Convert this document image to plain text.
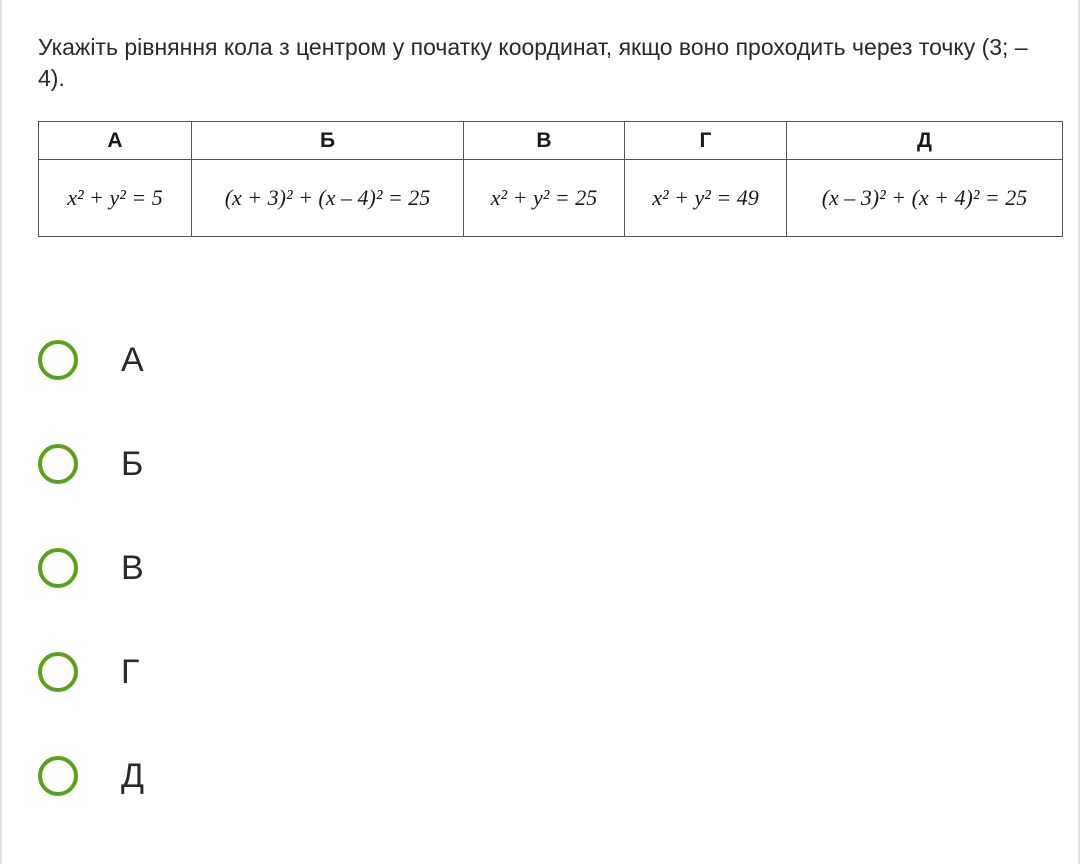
Укажіть рівняння кола з центром у початку координат, якщо воно проходить через точку (3; –4).
А	Б	В	Г	Д
x² + y² = 5	(x + 3)² + (x – 4)² = 25	x² + y² = 25	x² + y² = 49	(x – 3)² + (x + 4)² = 25
А
Б
В
Г
Д
